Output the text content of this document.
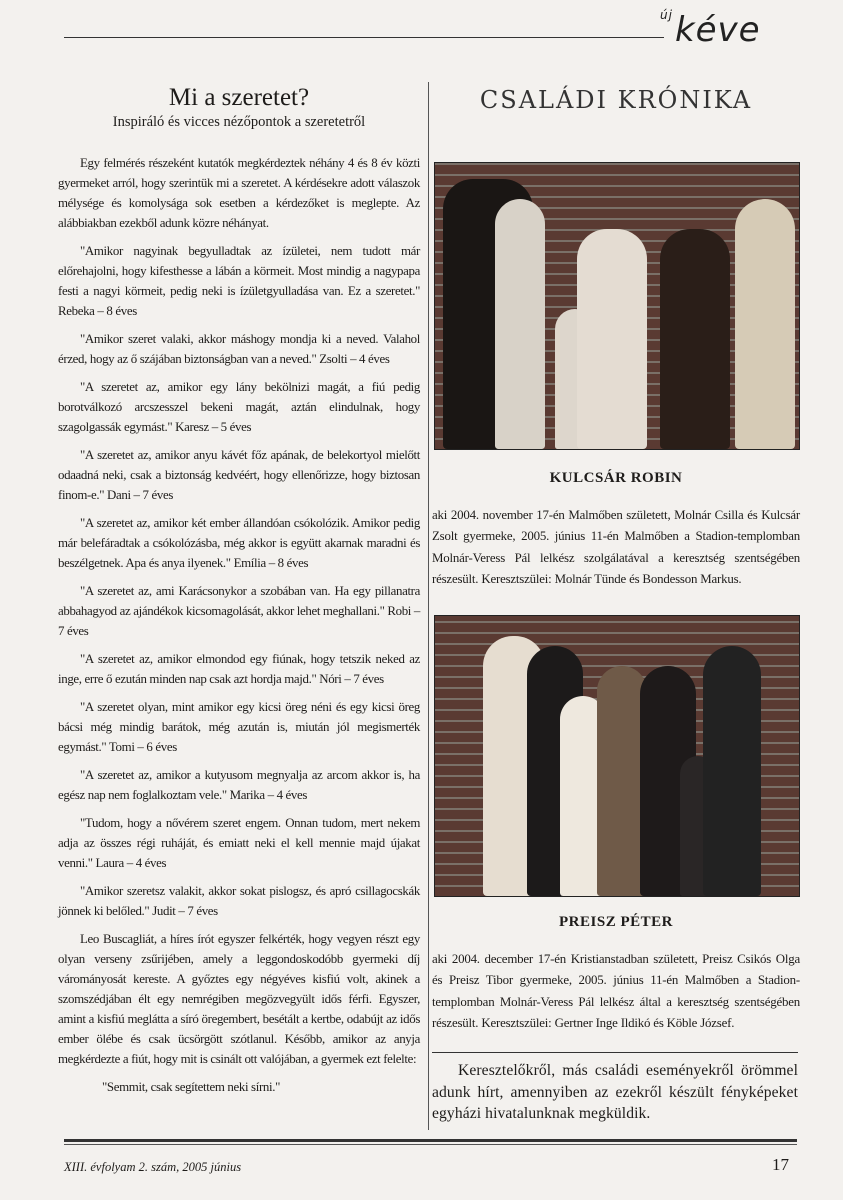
$^{új}$kéve
Mi a szeretet?
Inspiráló és vicces nézőpontok a szeretetről

Egy felmérés részeként kutatók megkérdeztek néhány 4 és 8 év közti gyermeket arról, hogy szerintük mi a szeretet. A kérdésekre adott válaszok mélysége és komolysága sok esetben a kérdezőket is meglepte. Az alábbiakban ezekből adunk közre néhányat.

"Amikor nagyinak begyulladtak az ízületei, nem tudott már előrehajolni, hogy kifesthesse a lábán a körmeit. Most mindig a nagypapa festi a nagyi körmeit, pedig neki is ízületgyulladása van. Ez a szeretet." Rebeka – 8 éves

"Amikor szeret valaki, akkor máshogy mondja ki a neved. Valahol érzed, hogy az ő szájában biztonságban van a neved." Zsolti – 4 éves

"A szeretet az, amikor egy lány bekölnizi magát, a fiú pedig borotválkozó arcszesszel bekeni magát, aztán elindulnak, hogy szagolgassák egymást." Karesz – 5 éves

"A szeretet az, amikor anyu kávét főz apának, de belekortyol mielőtt odaadná neki, csak a biztonság kedvéért, hogy ellenőrizze, hogy biztosan finom-e." Dani – 7 éves

"A szeretet az, amikor két ember állandóan csókolózik. Amikor pedig már belefáradtak a csókolózásba, még akkor is együtt akarnak maradni és beszélgetnek. Apa és anya ilyenek." Emília – 8 éves

"A szeretet az, ami Karácsonykor a szobában van. Ha egy pillanatra abbahagyod az ajándékok kicsomagolását, akkor lehet meghallani." Robi – 7 éves

"A szeretet az, amikor elmondod egy fiúnak, hogy tetszik neked az inge, erre ő ezután minden nap csak azt hordja majd." Nóri – 7 éves

"A szeretet olyan, mint amikor egy kicsi öreg néni és egy kicsi öreg bácsi még mindig barátok, még azután is, miután jól megismerték egymást." Tomi – 6 éves

"A szeretet az, amikor a kutyusom megnyalja az arcom akkor is, ha egész nap nem foglalkoztam vele." Marika – 4 éves

"Tudom, hogy a nővérem szeret engem. Onnan tudom, mert nekem adja az összes régi ruháját, és emiatt neki el kell mennie majd újakat venni." Laura – 4 éves

"Amikor szeretsz valakit, akkor sokat pislogsz, és apró csillagocskák jönnek ki belőled." Judit – 7 éves

Leo Buscagliát, a híres írót egyszer felkérték, hogy vegyen részt egy olyan verseny zsűrijében, amely a leggondoskodóbb gyermeki díj várományosát kereste. A győztes egy négyéves kisfiú volt, akinek a szomszédjában élt egy nemrégiben megözvegyült idős férfi. Egyszer, amint a kisfiú meglátta a síró öregembert, besétált a kertbe, odabújt az idős ember ölébe és csak ücsörgött szótlanul. Később, amikor az anyja megkérdezte a fiút, hogy mit is csinált ott valójában, a gyermek ezt felelte:

"Semmit, csak segítettem neki sírni."

CSALÁDI KRÓNIKA
KULCSÁR ROBIN

aki 2004. november 17-én Malmőben született, Molnár Csilla és Kulcsár Zsolt gyermeke, 2005. június 11-én Malmőben a Stadion-templomban Molnár-Veress Pál lelkész szolgálatával a keresztség szentségében részesült. Keresztszülei: Molnár Tünde és Bondesson Markus.

PREISZ PÉTER

aki 2004. december 17-én Kristianstadban született, Preisz Csikós Olga és Preisz Tibor gyermeke, 2005. június 11-én Malmőben a Stadion-templomban Molnár-Veress Pál lelkész által a keresztség szentségében részesült. Keresztszülei: Gertner Inge Ildikó és Köble József.

Keresztelőkről, más családi eseményekről örömmel adunk hírt, amennyiben az ezekről készült fényképeket egyházi hivatalunknak megküldik.
XIII. évfolyam 2. szám, 2005 június	17
